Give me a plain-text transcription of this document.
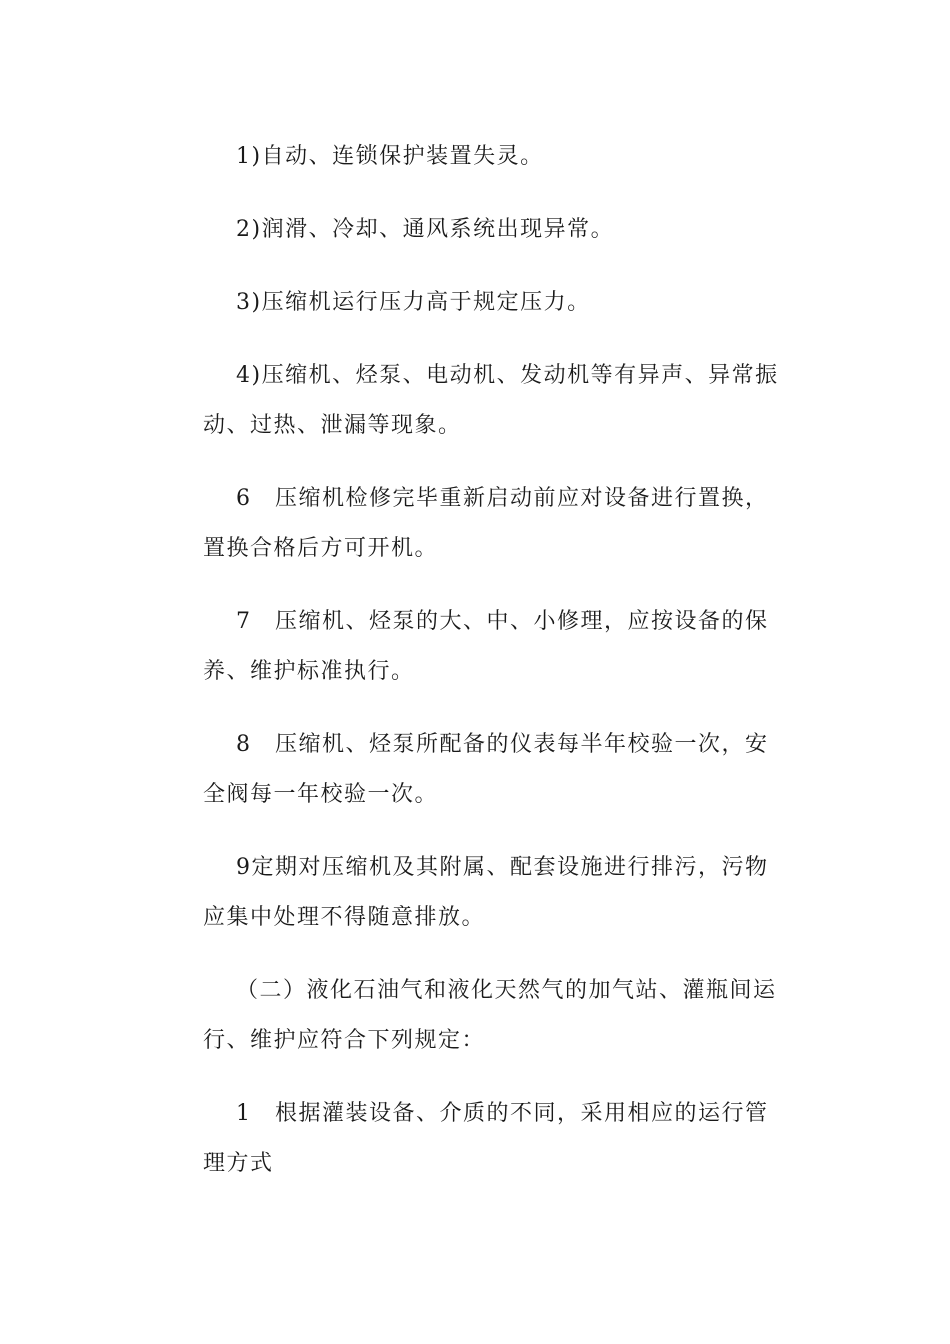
1)自动、连锁保护装置失灵。

2)润滑、冷却、通风系统出现异常。

3)压缩机运行压力高于规定压力。

4)压缩机、烃泵、电动机、发动机等有异声、异常振
动、过热、泄漏等现象。

6　压缩机检修完毕重新启动前应对设备进行置换，
置换合格后方可开机。

7　压缩机、烃泵的大、中、小修理，应按设备的保
养、维护标准执行。

8　压缩机、烃泵所配备的仪表每半年校验一次，安
全阀每一年校验一次。

9定期对压缩机及其附属、配套设施进行排污，污物
应集中处理不得随意排放。

（二）液化石油气和液化天然气的加气站、灌瓶间运
行、维护应符合下列规定：

1　根据灌装设备、介质的不同，采用相应的运行管
理方式
